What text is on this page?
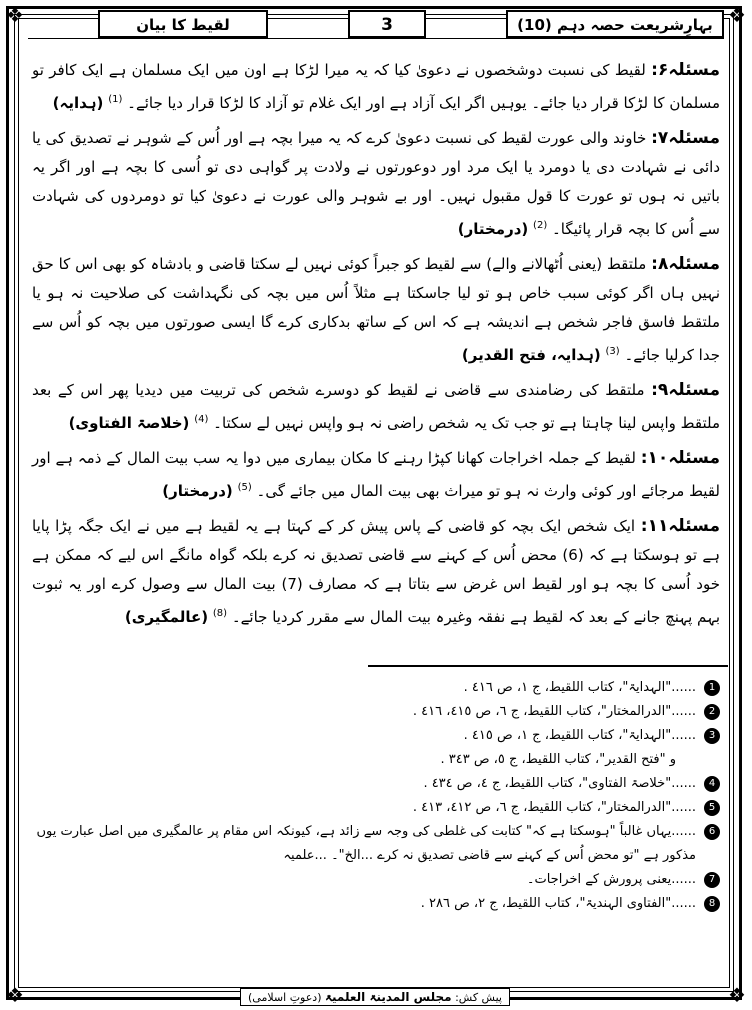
❖	❖
❖	❖
لقیط کا بیان	3	بہارِشریعت حصہ دہم (10)

مسئلہ۶: لقیط کی نسبت دوشخصوں نے دعویٰ کیا کہ یہ میرا لڑکا ہے اون میں ایک مسلمان ہے ایک کافر تو مسلمان کا لڑکا قرار دیا جائے۔ یوہیں اگر ایک آزاد ہے اور ایک غلام تو آزاد کا لڑکا قرار دیا جائے۔ $^{(1)}$ (ہدایہ)

مسئلہ۷: خاوند والی عورت لقیط کی نسبت دعویٰ کرے کہ یہ میرا بچہ ہے اور اُس کے شوہر نے تصدیق کی یا دائی نے شہادت دی یا دومرد یا ایک مرد اور دوعورتوں نے ولادت پر گواہی دی تو اُسی کا بچہ ہے اور اگر یہ باتیں نہ ہوں تو عورت کا قول مقبول نہیں۔ اور بے شوہر والی عورت نے دعویٰ کیا تو دومردوں کی شہادت سے اُس کا بچہ قرار پائیگا۔ $^{(2)}$ (درمختار)

مسئلہ۸: ملتقط (یعنی اُٹھالانے والے) سے لقیط کو جبراً کوئی نہیں لے سکتا قاضی و بادشاہ کو بھی اس کا حق نہیں ہاں اگر کوئی سبب خاص ہو تو لیا جاسکتا ہے مثلاً اُس میں بچہ کی نگہداشت کی صلاحیت نہ ہو یا ملتقط فاسق فاجر شخص ہے اندیشہ ہے کہ اس کے ساتھ بدکاری کرے گا ایسی صورتوں میں بچہ کو اُس سے جدا کرلیا جائے۔ $^{(3)}$ (ہدایہ، فتح القدیر)

مسئلہ۹: ملتقط کی رضامندی سے قاضی نے لقیط کو دوسرے شخص کی تربیت میں دیدیا پھر اس کے بعد ملتقط واپس لینا چاہتا ہے تو جب تک یہ شخص راضی نہ ہو واپس نہیں لے سکتا۔ $^{(4)}$ (خلاصۃ الفتاوی)

مسئلہ۱۰: لقیط کے جملہ اخراجات کھانا کپڑا رہنے کا مکان بیماری میں دوا یہ سب بیت المال کے ذمہ ہے اور لقیط مرجائے اور کوئی وارث نہ ہو تو میراث بھی بیت المال میں جائے گی۔ $^{(5)}$ (درمختار)

مسئلہ۱۱: ایک شخص ایک بچہ کو قاضی کے پاس پیش کر کے کہتا ہے یہ لقیط ہے میں نے ایک جگہ پڑا پایا ہے تو ہوسکتا ہے کہ (6) محض اُس کے کہنے سے قاضی تصدیق نہ کرے بلکہ گواہ مانگے اس لیے کہ ممکن ہے خود اُسی کا بچہ ہو اور لقیط اس غرض سے بتاتا ہے کہ مصارف (7) بیت المال سے وصول کرے اور یہ ثبوت بہم پہنچ جانے کے بعد کہ لقیط ہے نفقہ وغیرہ بیت المال سے مقرر کردیا جائے۔ $^{(8)}$ (عالمگیری)

1
......"الہدایۃ"، کتاب اللقیط، ج ١، ص ٤١٦ .
2
......"الدرالمختار"، کتاب اللقیط، ج ٦، ص ٤١٥، ٤١٦ .
3
......"الہدایۃ"، کتاب اللقیط، ج ١، ص ٤١٥ .
و "فتح القدیر"، کتاب اللقیط، ج ٥، ص ٣٤٣ .
4
......"خلاصۃ الفتاوی"، کتاب اللقیط، ج ٤، ص ٤٣٤ .
5
......"الدرالمختار"، کتاب اللقیط، ج ٦، ص ٤١٢، ٤١٣ .
6
......یہاں غالباً "ہوسکتا ہے کہ" کتابت کی غلطی کی وجہ سے زائد ہے، کیونکہ اس مقام پر عالمگیری میں اصل عبارت یوں مذکور ہے "تو محض اُس کے کہنے سے قاضی تصدیق نہ کرے ...الخ"۔ ...علمیہ
7
......یعنی پرورش کے اخراجات۔
8
......"الفتاوی الہندیۃ"، کتاب اللقیط، ج ٢، ص ٢٨٦ .
پیش کش: مجلس المدینۃ العلمیۃ (دعوتِ اسلامی)
